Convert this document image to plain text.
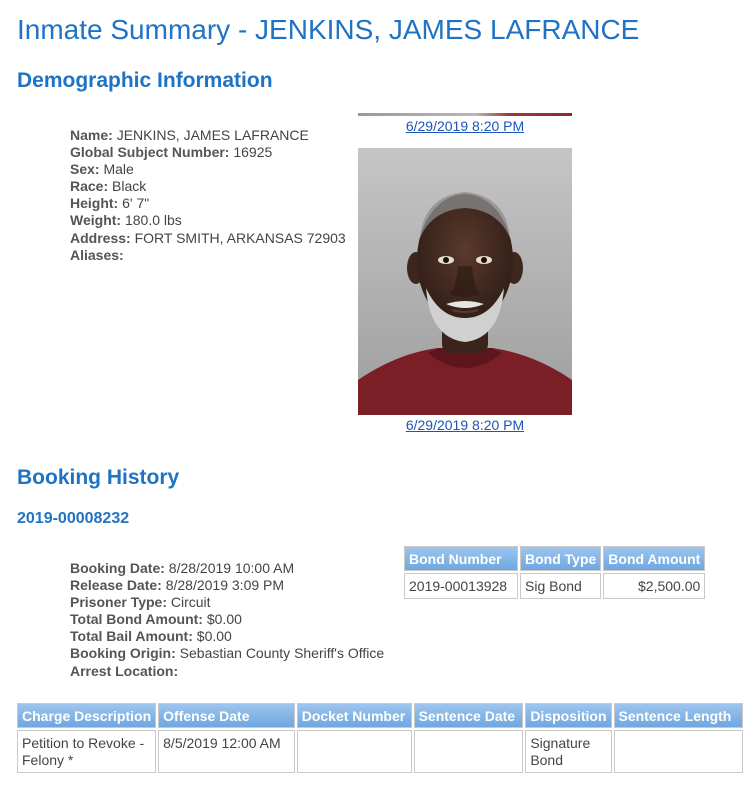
Inmate Summary - JENKINS, JAMES LAFRANCE
Demographic Information
Name: JENKINS, JAMES LAFRANCE
Global Subject Number: 16925
Sex: Male
Race: Black
Height: 6' 7"
Weight: 180.0 lbs
Address: FORT SMITH, ARKANSAS 72903
Aliases:
6/29/2019 8:20 PM
6/29/2019 8:20 PM
Booking History
2019-00008232
Booking Date: 8/28/2019 10:00 AM
Release Date: 8/28/2019 3:09 PM
Prisoner Type: Circuit
Total Bond Amount: $0.00
Total Bail Amount: $0.00
Booking Origin: Sebastian County Sheriff's Office
Arrest Location:
Bond Number	Bond Type	Bond Amount
2019-00013928	Sig Bond	$2,500.00
Charge Description	Offense Date	Docket Number	Sentence Date	Disposition	Sentence Length
Petition to Revoke - Felony *	8/5/2019 12:00 AM			Signature Bond	
